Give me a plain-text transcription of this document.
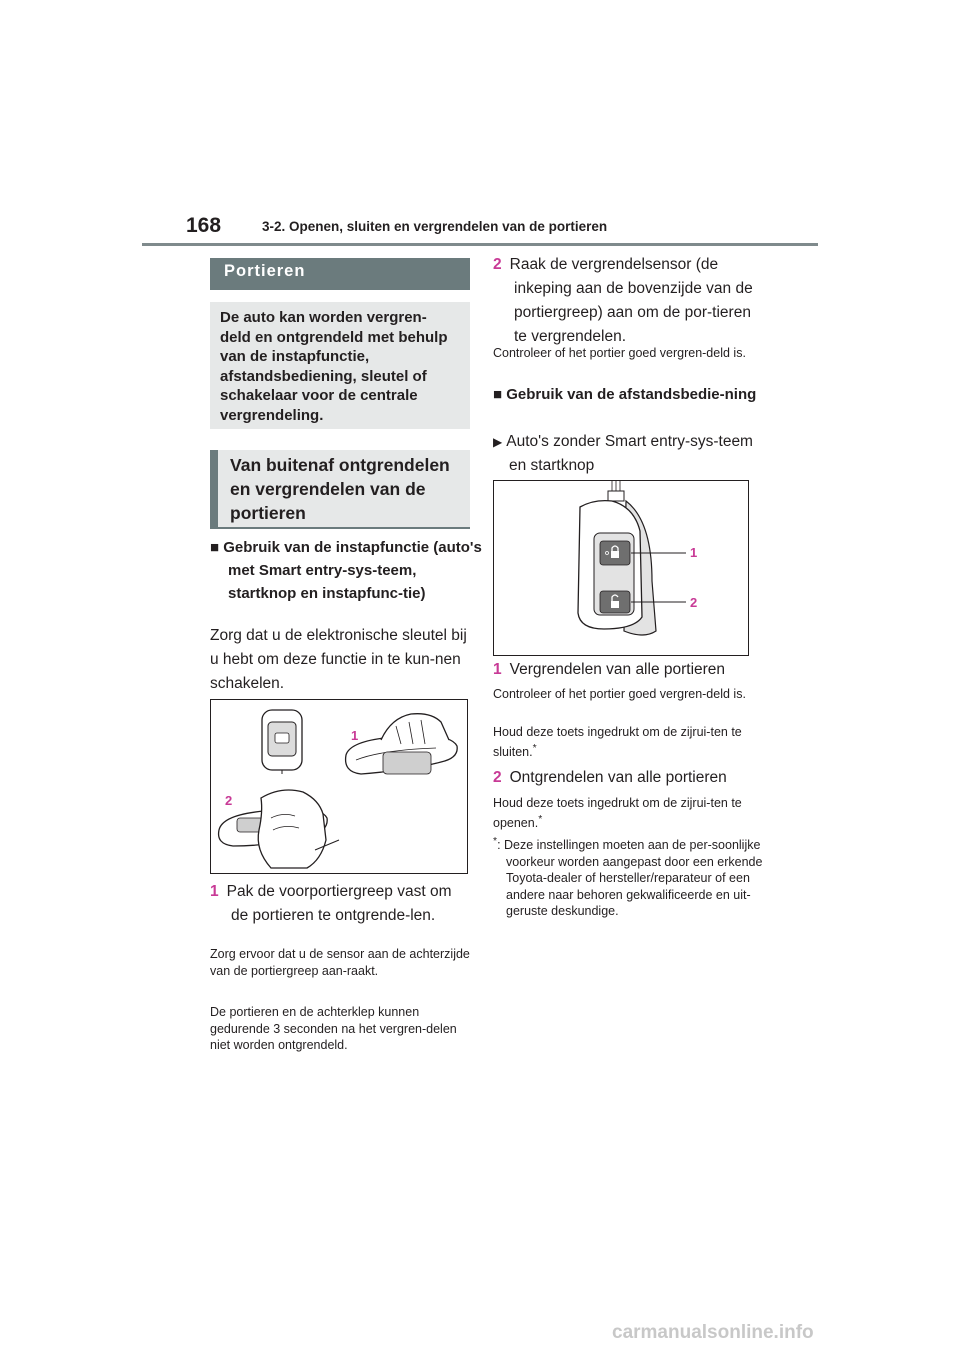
168	3-2. Openen, sluiten en vergrendelen van de portieren
Portieren
De auto kan worden vergren-deld en ontgrendeld met behulp van de instapfunctie, afstandsbediening, sleutel of schakelaar voor de centrale vergrendeling.
Van buitenaf ontgrendelen en vergrendelen van de portieren
■ Gebruik van de instapfunctie (auto's met Smart entry-sys-teem, startknop en instapfunc-tie)
Zorg dat u de elektronische sleutel bij u hebt om deze functie in te kun-nen schakelen.
1
2
1 Pak de voorportiergreep vast om de portieren te ontgrende-len.
Zorg ervoor dat u de sensor aan de achterzijde van de portiergreep aan-raakt.
De portieren en de achterklep kunnen gedurende 3 seconden na het vergren-delen niet worden ontgrendeld.
2 Raak de vergrendelsensor (de inkeping aan de bovenzijde van de portiergreep) aan om de por-tieren te vergrendelen.
Controleer of het portier goed vergren-deld is.
■ Gebruik van de afstandsbedie-ning
▶ Auto's zonder Smart entry-sys-teem en startknop
1
2
1 Vergrendelen van alle portieren
Controleer of het portier goed vergren-deld is.
Houd deze toets ingedrukt om de zijrui-ten te sluiten.*
2 Ontgrendelen van alle portieren
Houd deze toets ingedrukt om de zijrui-ten te openen.*
*: Deze instellingen moeten aan de per-soonlijke voorkeur worden aangepast door een erkende Toyota-dealer of hersteller/reparateur of een andere naar behoren gekwalificeerde en uit-geruste deskundige.
carmanualsonline.info
